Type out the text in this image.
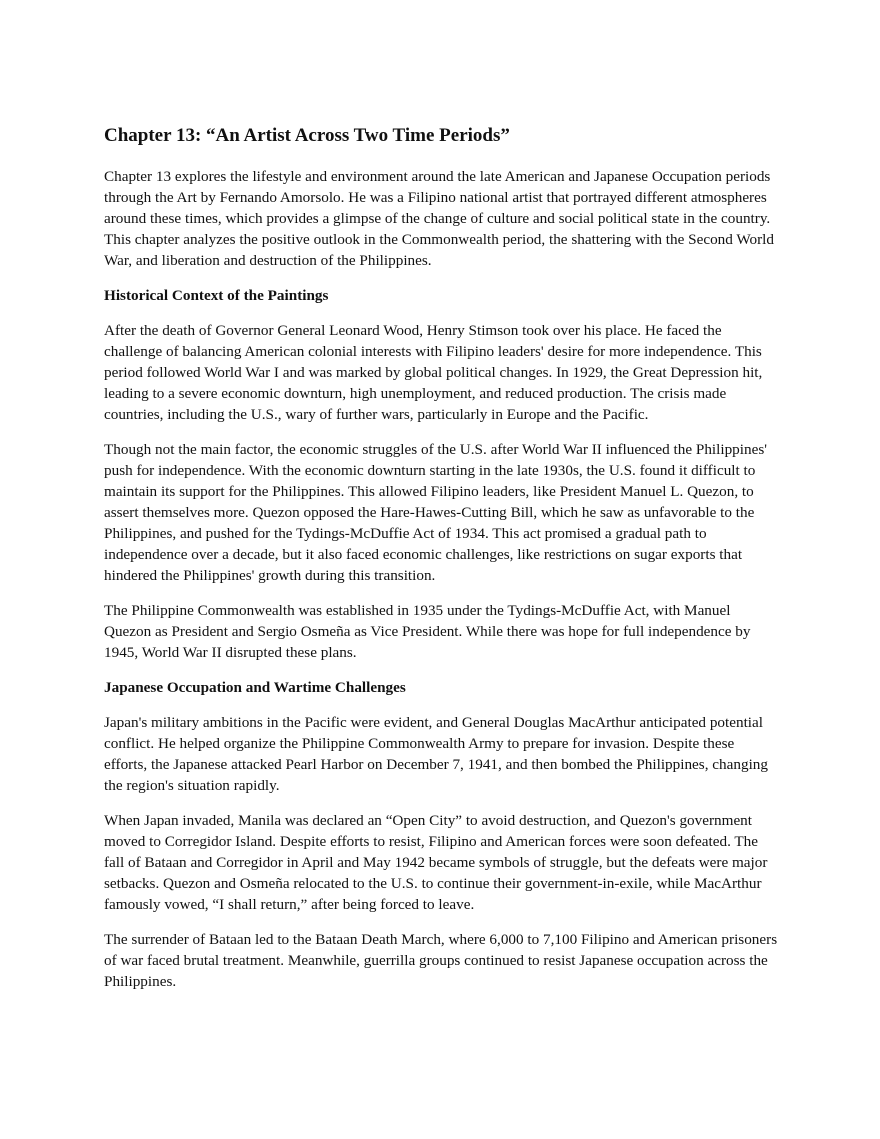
Chapter 13: “An Artist Across Two Time Periods”

Chapter 13 explores the lifestyle and environment around the late American and Japanese Occupation periods through the Art by Fernando Amorsolo. He was a Filipino national artist that portrayed different atmospheres around these times, which provides a glimpse of the change of culture and social political state in the country. This chapter analyzes the positive outlook in the Commonwealth period, the shattering with the Second World War, and liberation and destruction of the Philippines.

Historical Context of the Paintings

After the death of Governor General Leonard Wood, Henry Stimson took over his place. He faced the challenge of balancing American colonial interests with Filipino leaders' desire for more independence. This period followed World War I and was marked by global political changes. In 1929, the Great Depression hit, leading to a severe economic downturn, high unemployment, and reduced production. The crisis made countries, including the U.S., wary of further wars, particularly in Europe and the Pacific.

Though not the main factor, the economic struggles of the U.S. after World War II influenced the Philippines' push for independence. With the economic downturn starting in the late 1930s, the U.S. found it difficult to maintain its support for the Philippines. This allowed Filipino leaders, like President Manuel L. Quezon, to assert themselves more. Quezon opposed the Hare-Hawes-Cutting Bill, which he saw as unfavorable to the Philippines, and pushed for the Tydings-McDuffie Act of 1934. This act promised a gradual path to independence over a decade, but it also faced economic challenges, like restrictions on sugar exports that hindered the Philippines' growth during this transition.

The Philippine Commonwealth was established in 1935 under the Tydings-McDuffie Act, with Manuel Quezon as President and Sergio Osmeña as Vice President. While there was hope for full independence by 1945, World War II disrupted these plans.

Japanese Occupation and Wartime Challenges

Japan's military ambitions in the Pacific were evident, and General Douglas MacArthur anticipated potential conflict. He helped organize the Philippine Commonwealth Army to prepare for invasion. Despite these efforts, the Japanese attacked Pearl Harbor on December 7, 1941, and then bombed the Philippines, changing the region's situation rapidly.

When Japan invaded, Manila was declared an “Open City” to avoid destruction, and Quezon's government moved to Corregidor Island. Despite efforts to resist, Filipino and American forces were soon defeated. The fall of Bataan and Corregidor in April and May 1942 became symbols of struggle, but the defeats were major setbacks. Quezon and Osmeña relocated to the U.S. to continue their government-in-exile, while MacArthur famously vowed, “I shall return,” after being forced to leave.

The surrender of Bataan led to the Bataan Death March, where 6,000 to 7,100 Filipino and American prisoners of war faced brutal treatment. Meanwhile, guerrilla groups continued to resist Japanese occupation across the Philippines.
